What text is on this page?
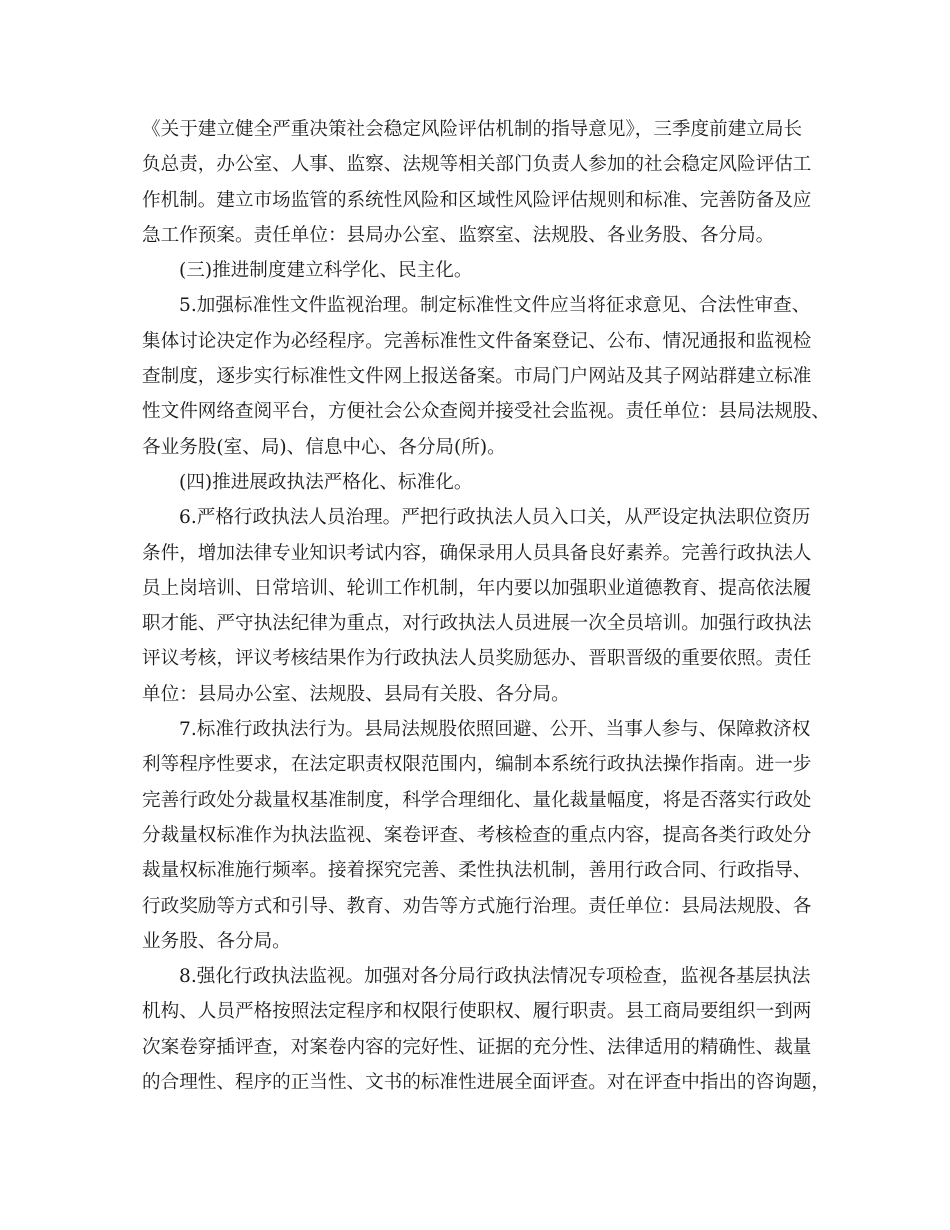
《关于建立健全严重决策社会稳定风险评估机制的指导意见》，三季度前建立局长
负总责，办公室、人事、监察、法规等相关部门负责人参加的社会稳定风险评估工
作机制。建立市场监管的系统性风险和区域性风险评估规则和标准、完善防备及应
急工作预案。责任单位：县局办公室、监察室、法规股、各业务股、各分局。
(三)推进制度建立科学化、民主化。
5.加强标准性文件监视治理。制定标准性文件应当将征求意见、合法性审查、
集体讨论决定作为必经程序。完善标准性文件备案登记、公布、情况通报和监视检
查制度，逐步实行标准性文件网上报送备案。市局门户网站及其子网站群建立标准
性文件网络查阅平台，方便社会公众查阅并接受社会监视。责任单位：县局法规股、
各业务股(室、局)、信息中心、各分局(所)。
(四)推进展政执法严格化、标准化。
6.严格行政执法人员治理。严把行政执法人员入口关，从严设定执法职位资历
条件，增加法律专业知识考试内容，确保录用人员具备良好素养。完善行政执法人
员上岗培训、日常培训、轮训工作机制，年内要以加强职业道德教育、提高依法履
职才能、严守执法纪律为重点，对行政执法人员进展一次全员培训。加强行政执法
评议考核，评议考核结果作为行政执法人员奖励惩办、晋职晋级的重要依照。责任
单位：县局办公室、法规股、县局有关股、各分局。
7.标准行政执法行为。县局法规股依照回避、公开、当事人参与、保障救济权
利等程序性要求，在法定职责权限范围内，编制本系统行政执法操作指南。进一步
完善行政处分裁量权基准制度，科学合理细化、量化裁量幅度，将是否落实行政处
分裁量权标准作为执法监视、案卷评查、考核检查的重点内容，提高各类行政处分
裁量权标准施行频率。接着探究完善、柔性执法机制，善用行政合同、行政指导、
行政奖励等方式和引导、教育、劝告等方式施行治理。责任单位：县局法规股、各
业务股、各分局。
8.强化行政执法监视。加强对各分局行政执法情况专项检查，监视各基层执法
机构、人员严格按照法定程序和权限行使职权、履行职责。县工商局要组织一到两
次案卷穿插评查，对案卷内容的完好性、证据的充分性、法律适用的精确性、裁量
的合理性、程序的正当性、文书的标准性进展全面评查。对在评查中指出的咨询题，
